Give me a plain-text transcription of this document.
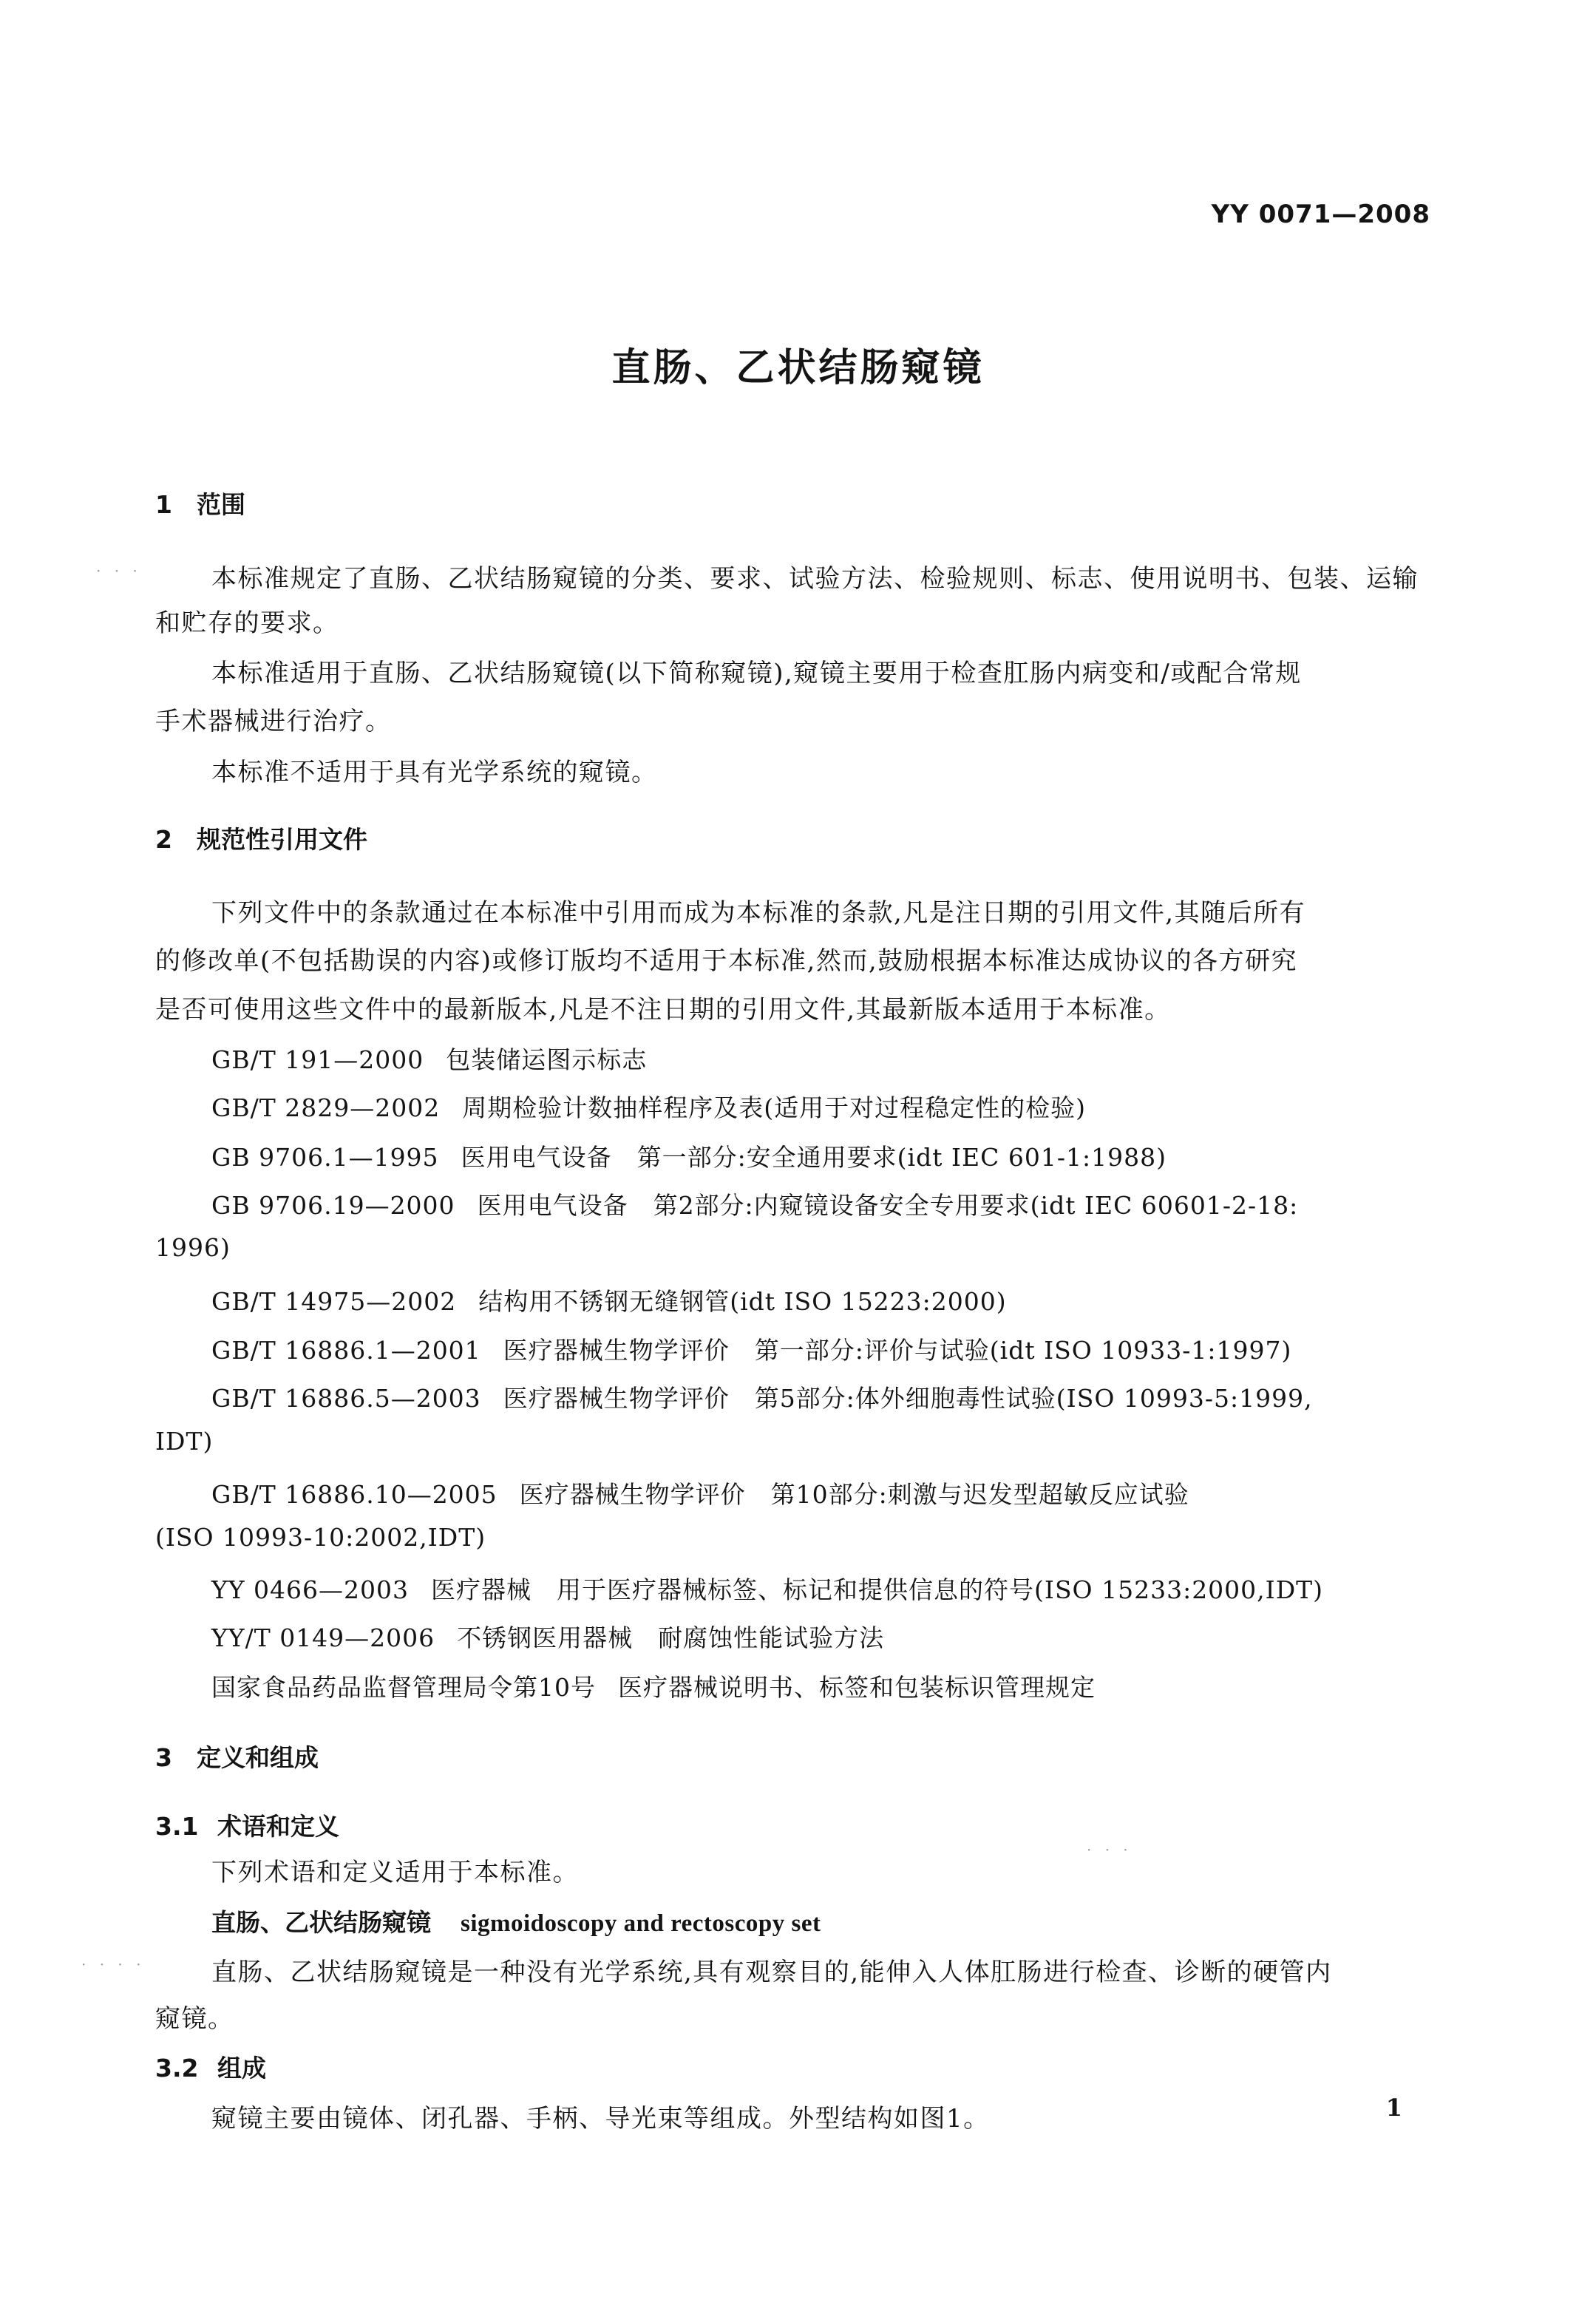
YY 0071—2008
直肠、乙状结肠窥镜
1 范围
本标准规定了直肠、乙状结肠窥镜的分类、要求、试验方法、检验规则、标志、使用说明书、包装、运输
和贮存的要求。
本标准适用于直肠、乙状结肠窥镜(以下简称窥镜),窥镜主要用于检查肛肠内病变和/或配合常规
手术器械进行治疗。
本标准不适用于具有光学系统的窥镜。
2 规范性引用文件
下列文件中的条款通过在本标准中引用而成为本标准的条款,凡是注日期的引用文件,其随后所有
的修改单(不包括勘误的内容)或修订版均不适用于本标准,然而,鼓励根据本标准达成协议的各方研究
是否可使用这些文件中的最新版本,凡是不注日期的引用文件,其最新版本适用于本标准。
GB/T 191—2000 包装储运图示标志
GB/T 2829—2002 周期检验计数抽样程序及表(适用于对过程稳定性的检验)
GB 9706.1—1995 医用电气设备　第一部分:安全通用要求(idt IEC 601-1:1988)
GB 9706.19—2000 医用电气设备　第2部分:内窥镜设备安全专用要求(idt IEC 60601-2-18:
1996)
GB/T 14975—2002 结构用不锈钢无缝钢管(idt ISO 15223:2000)
GB/T 16886.1—2001 医疗器械生物学评价　第一部分:评价与试验(idt ISO 10933-1:1997)
GB/T 16886.5—2003 医疗器械生物学评价　第5部分:体外细胞毒性试验(ISO 10993-5:1999,
IDT)
GB/T 16886.10—2005 医疗器械生物学评价　第10部分:刺激与迟发型超敏反应试验
(ISO 10993-10:2002,IDT)
YY 0466—2003 医疗器械　用于医疗器械标签、标记和提供信息的符号(ISO 15233:2000,IDT)
YY/T 0149—2006 不锈钢医用器械　耐腐蚀性能试验方法
国家食品药品监督管理局令第10号 医疗器械说明书、标签和包装标识管理规定
3 定义和组成
3.1 术语和定义
下列术语和定义适用于本标准。
直肠、乙状结肠窥镜 sigmoidoscopy and rectoscopy set
直肠、乙状结肠窥镜是一种没有光学系统,具有观察目的,能伸入人体肛肠进行检查、诊断的硬管内
窥镜。
3.2 组成
窥镜主要由镜体、闭孔器、手柄、导光束等组成。外型结构如图1。	1
· · ·
· · ·
· · · ·
